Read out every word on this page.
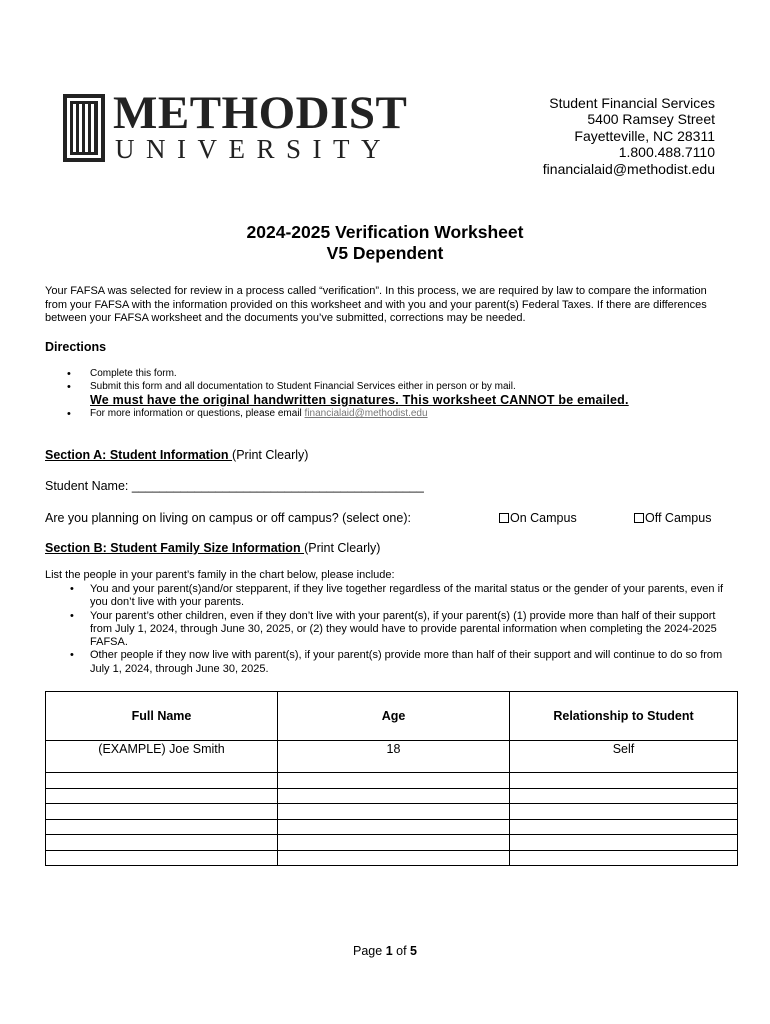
METHODIST
UNIVERSITY
Student Financial Services
5400 Ramsey Street
Fayetteville, NC 28311
1.800.488.7110
financialaid@methodist.edu
2024-2025 Verification Worksheet
V5 Dependent
Your FAFSA was selected for review in a process called “verification”. In this process, we are required by law to compare the information from your FAFSA with the information provided on this worksheet and with you and your parent(s) Federal Taxes. If there are differences between your FAFSA worksheet and the documents you’ve submitted, corrections may be needed.
Directions
• Complete this form.
• Submit this form and all documentation to Student Financial Services either in person or by mail.
We must have the original handwritten signatures. This worksheet CANNOT be emailed.
• For more information or questions, please email financialaid@methodist.edu
Section A: Student Information (Print Clearly)
Student Name: __________________________________________
Are you planning on living on campus or off campus? (select one):	On Campus	Off Campus
Section B: Student Family Size Information (Print Clearly)
List the people in your parent’s family in the chart below, please include:
• You and your parent(s)and/or stepparent, if they live together regardless of the marital status or the gender of your parents, even if you don’t live with your parents.
• Your parent’s other children, even if they don’t live with your parent(s), if your parent(s) (1) provide more than half of their support from July 1, 2024, through June 30, 2025, or (2) they would have to provide parental information when completing the 2024-2025 FAFSA.
• Other people if they now live with parent(s), if your parent(s) provide more than half of their support and will continue to do so from July 1, 2024, through June 30, 2025.
Full Name	Age	Relationship to Student
(EXAMPLE) Joe Smith	18	Self

Page 1 of 5
